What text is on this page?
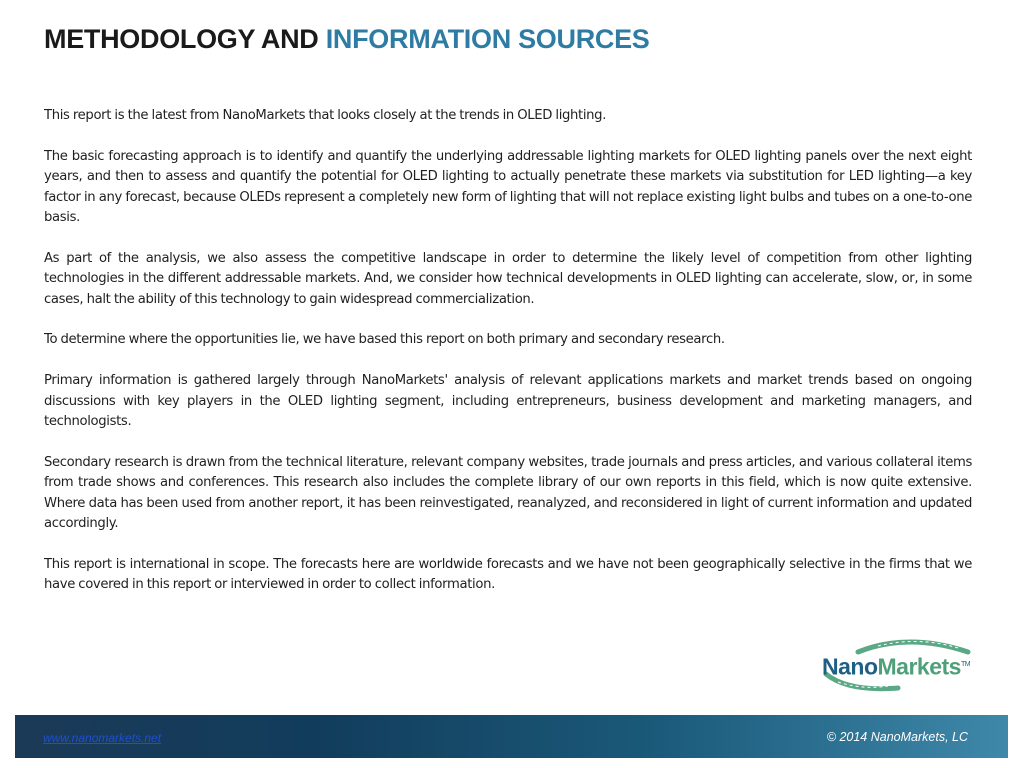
METHODOLOGY AND INFORMATION SOURCES

This report is the latest from NanoMarkets that looks closely at the trends in OLED lighting.

The basic forecasting approach is to identify and quantify the underlying addressable lighting markets for OLED lighting panels over the next eight years, and then to assess and quantify the potential for OLED lighting to actually penetrate these markets via substitution for LED lighting—a key factor in any forecast, because OLEDs represent a completely new form of lighting that will not replace existing light bulbs and tubes on a one-to-one basis.

As part of the analysis, we also assess the competitive landscape in order to determine the likely level of competition from other lighting technologies in the different addressable markets. And, we consider how technical developments in OLED lighting can accelerate, slow, or, in some cases, halt the ability of this technology to gain widespread commercialization.

To determine where the opportunities lie, we have based this report on both primary and secondary research.

Primary information is gathered largely through NanoMarkets' analysis of relevant applications markets and market trends based on ongoing discussions with key players in the OLED lighting segment, including entrepreneurs, business development and marketing managers, and technologists.

Secondary research is drawn from the technical literature, relevant company websites, trade journals and press articles, and various collateral items from trade shows and conferences. This research also includes the complete library of our own reports in this field, which is now quite extensive. Where data has been used from another report, it has been reinvestigated, reanalyzed, and reconsidered in light of current information and updated accordingly.

This report is international in scope. The forecasts here are worldwide forecasts and we have not been geographically selective in the firms that we have covered in this report or interviewed in order to collect information.

NanoMarkets™
www.nanomarkets.net	© 2014 NanoMarkets, LC
